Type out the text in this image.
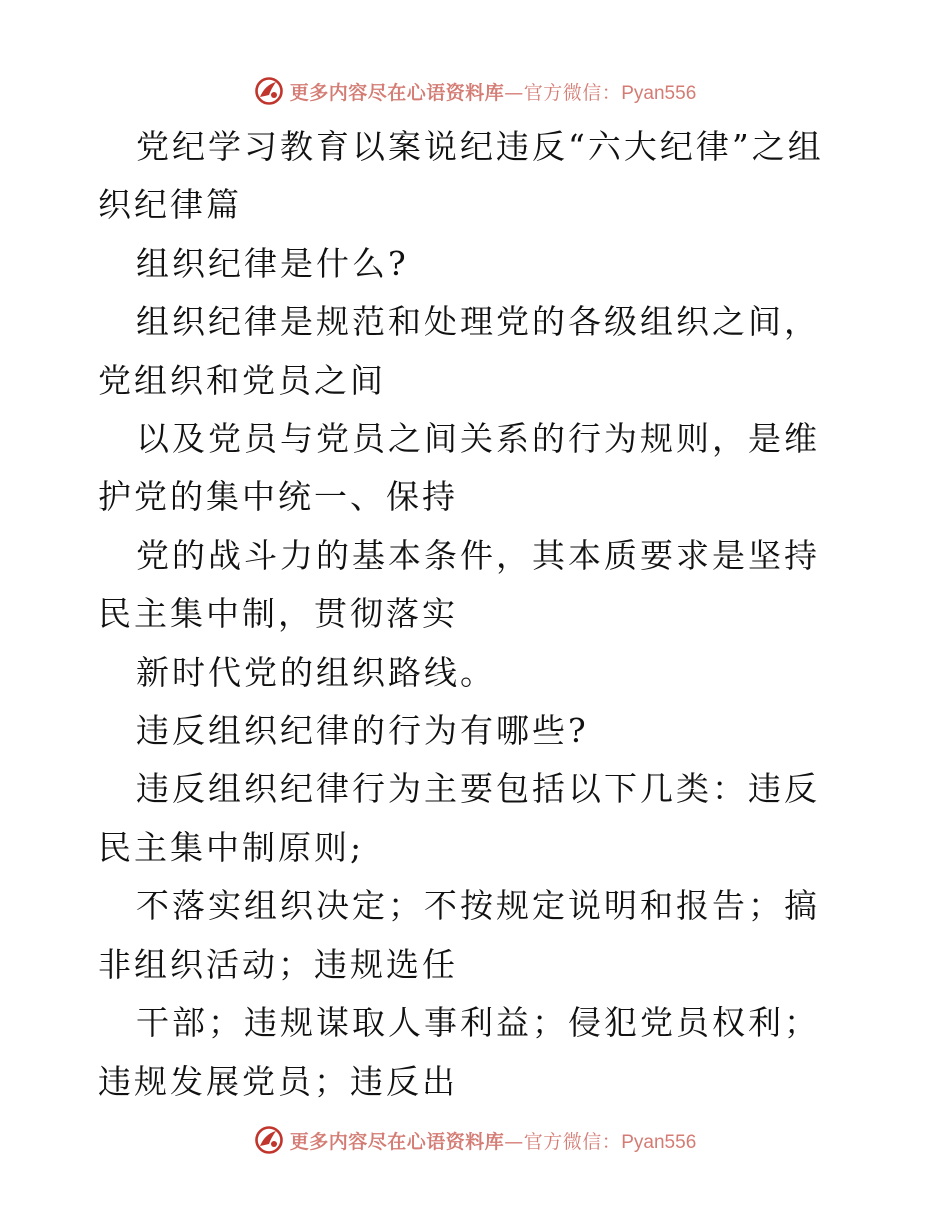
更多内容尽在心语资料库—官方微信：Pyan556

党纪学习教育以案说纪违反“六大纪律”之组织纪律篇

组织纪律是什么?

组织纪律是规范和处理党的各级组织之间，党组织和党员之间

以及党员与党员之间关系的行为规则，是维护党的集中统一、保持

党的战斗力的基本条件，其本质要求是坚持民主集中制，贯彻落实

新时代党的组织路线。

违反组织纪律的行为有哪些?

违反组织纪律行为主要包括以下几类：违反民主集中制原则;

不落实组织决定；不按规定说明和报告；搞非组织活动；违规选任

干部；违规谋取人事利益；侵犯党员权利；违规发展党员；违反出

更多内容尽在心语资料库—官方微信：Pyan556
